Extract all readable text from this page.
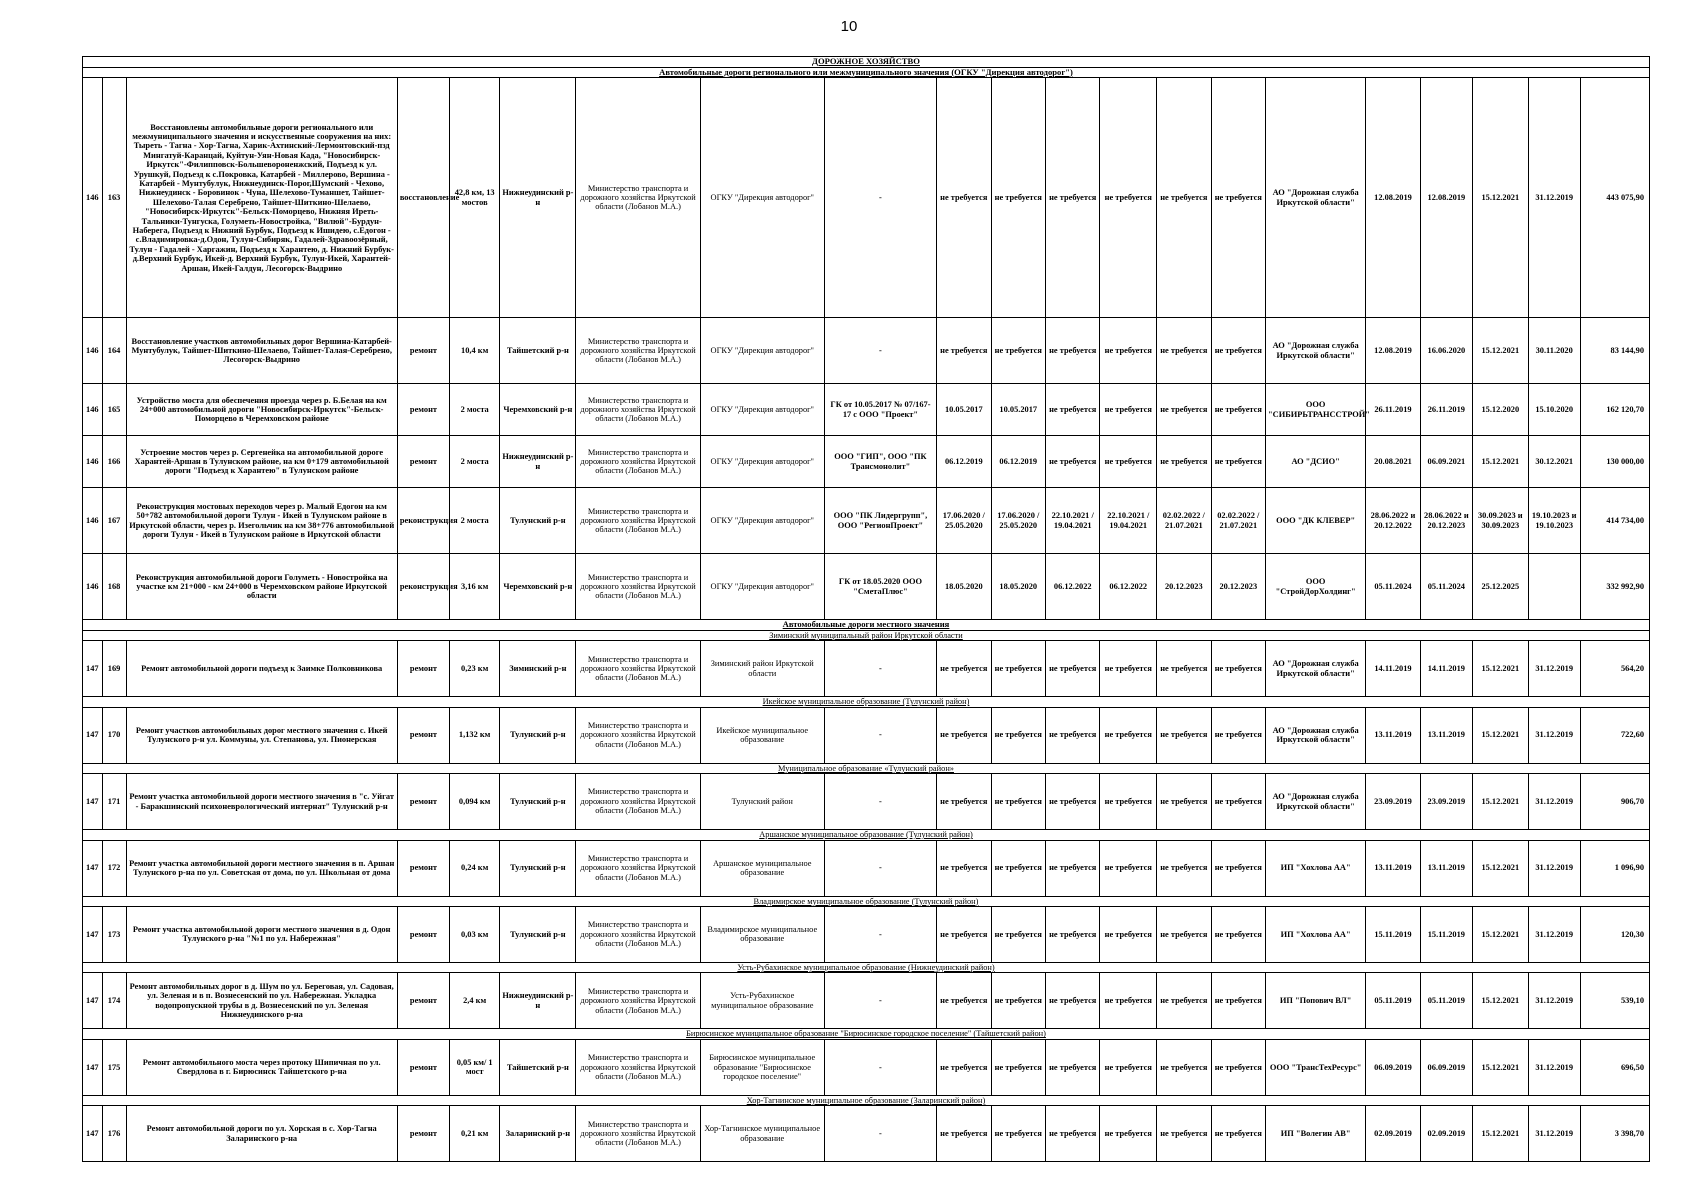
10
ДОРОЖНОЕ ХОЗЯЙСТВО																				
Автомобильные дороги регионального или межмуниципального значения (ОГКУ "Дирекция автодорог")																				
146	163	Восстановлены автомобильные дороги регионального или межмуниципального значения и искусственные сооружения на них: Тыреть - Тагна - Хор-Тагна, Харик-Ахтинский-Лермонтовский-пзд Мингатуй-Каранцай, Куйтун-Уян-Новая Када, "Новосибирск-Иркутск"-Филипповск-Большевороненжский, Подъезд к ул. Урушкуй, Подъезд к с.Покровка, Катарбей - Миллерово, Вершина - Катарбей - Мунтубулук, Нижнеудинск-Порог,Шумский - Чехово, Нижнеудинск - Боровинок - Чуна, Шелехово-Туманшет, Тайшет-Шелехово-Талая Серебрено, Тайшет-Шиткино-Шелаево, "Новосибирск-Иркутск"-Бельск-Поморцево, Нижняя Иреть-Тальники-Тунгуска, Голуметь-Новостройка, "Вилюй"-Бурдун-Наберега, Подъезд к Нижний Бурбук, Подъезд к Ишидею, с.Едогон - с.Владимировка-д.Одон, Тулун-Сибиряк, Гадалей-Здравоозёрный, Тулун - Гадалей - Харгажин, Подъезд к Харантею, д. Нижний Бурбук-д.Верхний Бурбук, Икей-д. Верхний Бурбук, Тулун-Икей, Харантей-Аршан, Икей-Галдун, Лесогорск-Выдрино	восстановление	42,8 км, 13 мостов	Нижнеудинский р-н	Министерство транспорта и дорожного хозяйства Иркутской области (Лобанов М.А.)	ОГКУ "Дирекция автодорог"	-	не требуется	не требуется	не требуется	не требуется	не требуется	не требуется	АО "Дорожная служба Иркутской области"	12.08.2019	12.08.2019	15.12.2021	31.12.2019	443 075,90
146	164	Восстановление участков автомобильных дорог Вершина-Катарбей-Мунтубулук, Тайшет-Шиткино-Шелаево, Тайшет-Талая-Серебрено, Лесогорск-Выдрино	ремонт	10,4 км	Тайшетский р-н	Министерство транспорта и дорожного хозяйства Иркутской области (Лобанов М.А.)	ОГКУ "Дирекция автодорог"	-	не требуется	не требуется	не требуется	не требуется	не требуется	не требуется	АО "Дорожная служба Иркутской области"	12.08.2019	16.06.2020	15.12.2021	30.11.2020	83 144,90
146	165	Устройство моста для обеспечения проезда через р. Б.Белая на км 24+000 автомобильной дороги "Новосибирск-Иркутск"-Бельск-Поморцево в Черемховском районе	ремонт	2 моста	Черемховский р-н	Министерство транспорта и дорожного хозяйства Иркутской области (Лобанов М.А.)	ОГКУ "Дирекция автодорог"	ГК от 10.05.2017 № 07/167-17 с ООО "Проект"	10.05.2017	10.05.2017	не требуется	не требуется	не требуется	не требуется	ООО "СИБИРЬТРАНССТРОЙ"	26.11.2019	26.11.2019	15.12.2020	15.10.2020	162 120,70
146	166	Устроение мостов через р. Сергенейка на автомобильной дороге Харантей-Аршан в Тулунском районе, на км 0+179 автомобильной дороги "Подъезд к Харантею" в Тулунском районе	ремонт	2 моста	Нижнеудинский р-н	Министерство транспорта и дорожного хозяйства Иркутской области (Лобанов М.А.)	ОГКУ "Дирекция автодорог"	ООО "ГИП", ООО "ПК Трансмонолит"	06.12.2019	06.12.2019	не требуется	не требуется	не требуется	не требуется	АО "ДСИО"	20.08.2021	06.09.2021	15.12.2021	30.12.2021	130 000,00
146	167	Реконструкция мостовых переходов через р. Малый Едогон на км 50+782 автомобильной дороги Тулун - Икей в Тулунском районе в Иркутской области, через р. Изегольчик на км 38+776 автомобильной дороги Тулун - Икей в Тулунском районе в Иркутской области	реконструкция	2 моста	Тулунский р-н	Министерство транспорта и дорожного хозяйства Иркутской области (Лобанов М.А.)	ОГКУ "Дирекция автодорог"	ООО "ПК Лидергрупп", ООО "РегионПроект"	17.06.2020 / 25.05.2020	17.06.2020 / 25.05.2020	22.10.2021 / 19.04.2021	22.10.2021 / 19.04.2021	02.02.2022 / 21.07.2021	02.02.2022 / 21.07.2021	ООО "ДК КЛЕВЕР"	28.06.2022 и 20.12.2022	28.06.2022 и 20.12.2023	30.09.2023 и 30.09.2023	19.10.2023 и 19.10.2023	414 734,00
146	168	Реконструкция автомобильной дороги Голуметь - Новостройка на участке км 21+000 - км 24+000 в Черемховском районе Иркутской области	реконструкция	3,16 км	Черемховский р-н	Министерство транспорта и дорожного хозяйства Иркутской области (Лобанов М.А.)	ОГКУ "Дирекция автодорог"	ГК от 18.05.2020 ООО "СметаПлюс"	18.05.2020	18.05.2020	06.12.2022	06.12.2022	20.12.2023	20.12.2023	ООО "СтройДорХолдинг"	05.11.2024	05.11.2024	25.12.2025		332 992,90
Автомобильные дороги местного значения																				
Зиминский муниципальный район Иркутской области																				
147	169	Ремонт автомобильной дороги подъезд к Заимке Полковникова	ремонт	0,23 км	Зиминский р-н	Министерство транспорта и дорожного хозяйства Иркутской области (Лобанов М.А.)	Зиминский район Иркутской области	-	не требуется	не требуется	не требуется	не требуется	не требуется	не требуется	АО "Дорожная служба Иркутской области"	14.11.2019	14.11.2019	15.12.2021	31.12.2019	564,20
Икейское муниципальное образование (Тулунский район)																				
147	170	Ремонт участков автомобильных дорог местного значения с. Икей Тулунского р-н ул. Коммуны, ул. Степанова, ул. Пионерская	ремонт	1,132 км	Тулунский р-н	Министерство транспорта и дорожного хозяйства Иркутской области (Лобанов М.А.)	Икейское муниципальное образование	-	не требуется	не требуется	не требуется	не требуется	не требуется	не требуется	АО "Дорожная служба Иркутской области"	13.11.2019	13.11.2019	15.12.2021	31.12.2019	722,60
Муниципальное образование «Тулунский район»																				
147	171	Ремонт участка автомобильной дороги местного значения в "с. Уйгат - Баракшинский психоневрологический интернат" Тулунский р-н	ремонт	0,094 км	Тулунский р-н	Министерство транспорта и дорожного хозяйства Иркутской области (Лобанов М.А.)	Тулунский район	-	не требуется	не требуется	не требуется	не требуется	не требуется	не требуется	АО "Дорожная служба Иркутской области"	23.09.2019	23.09.2019	15.12.2021	31.12.2019	906,70
Аршанское муниципальное образование (Тулунский район)																				
147	172	Ремонт участка автомобильной дороги местного значения в п. Аршан Тулунского р-на по ул. Советская от дома, по ул. Школьная от дома	ремонт	0,24 км	Тулунский р-н	Министерство транспорта и дорожного хозяйства Иркутской области (Лобанов М.А.)	Аршанское муниципальное образование	-	не требуется	не требуется	не требуется	не требуется	не требуется	не требуется	ИП "Хохлова АА"	13.11.2019	13.11.2019	15.12.2021	31.12.2019	1 096,90
Владимирское муниципальное образование (Тулунский район)																				
147	173	Ремонт участка автомобильной дороги местного значения в д. Одон Тулунского р-на "№1 по ул. Набережная"	ремонт	0,03 км	Тулунский р-н	Министерство транспорта и дорожного хозяйства Иркутской области (Лобанов М.А.)	Владимирское муниципальное образование	-	не требуется	не требуется	не требуется	не требуется	не требуется	не требуется	ИП "Хохлова АА"	15.11.2019	15.11.2019	15.12.2021	31.12.2019	120,30
Усть-Рубахинское муниципальное образование (Нижнеудинский район)																				
147	174	Ремонт автомобильных дорог в д. Шум по ул. Береговая, ул. Садовая, ул. Зеленая и в п. Вознесенский по ул. Набережная. Укладка водопропускной трубы в д. Вознесенский по ул. Зеленая Нижнеудинского р-на	ремонт	2,4 км	Нижнеудинский р-н	Министерство транспорта и дорожного хозяйства Иркутской области (Лобанов М.А.)	Усть-Рубахинское муниципальное образование	-	не требуется	не требуется	не требуется	не требуется	не требуется	не требуется	ИП "Попович ВЛ"	05.11.2019	05.11.2019	15.12.2021	31.12.2019	539,10
Бирюсинское муниципальное образование "Бирюсинское городское поселение" (Тайшетский район)																				
147	175	Ремонт автомобильного моста через протоку Шипичная по ул. Свердлова в г. Бирюсинск Тайшетского р-на	ремонт	0,05 км/ 1 мост	Тайшетский р-н	Министерство транспорта и дорожного хозяйства Иркутской области (Лобанов М.А.)	Бирюсинское муниципальное образование "Бирюсинское городское поселение"	-	не требуется	не требуется	не требуется	не требуется	не требуется	не требуется	ООО "ТрансТехРесурс"	06.09.2019	06.09.2019	15.12.2021	31.12.2019	696,50
Хор-Тагнинское муниципальное образование (Заларинский район)																				
147	176	Ремонт автомобильной дороги по ул. Хорская в с. Хор-Тагна Заларинского р-на	ремонт	0,21 км	Заларинский р-н	Министерство транспорта и дорожного хозяйства Иркутской области (Лобанов М.А.)	Хор-Тагнинское муниципальное образование	-	не требуется	не требуется	не требуется	не требуется	не требуется	не требуется	ИП "Волегин АВ"	02.09.2019	02.09.2019	15.12.2021	31.12.2019	3 398,70
